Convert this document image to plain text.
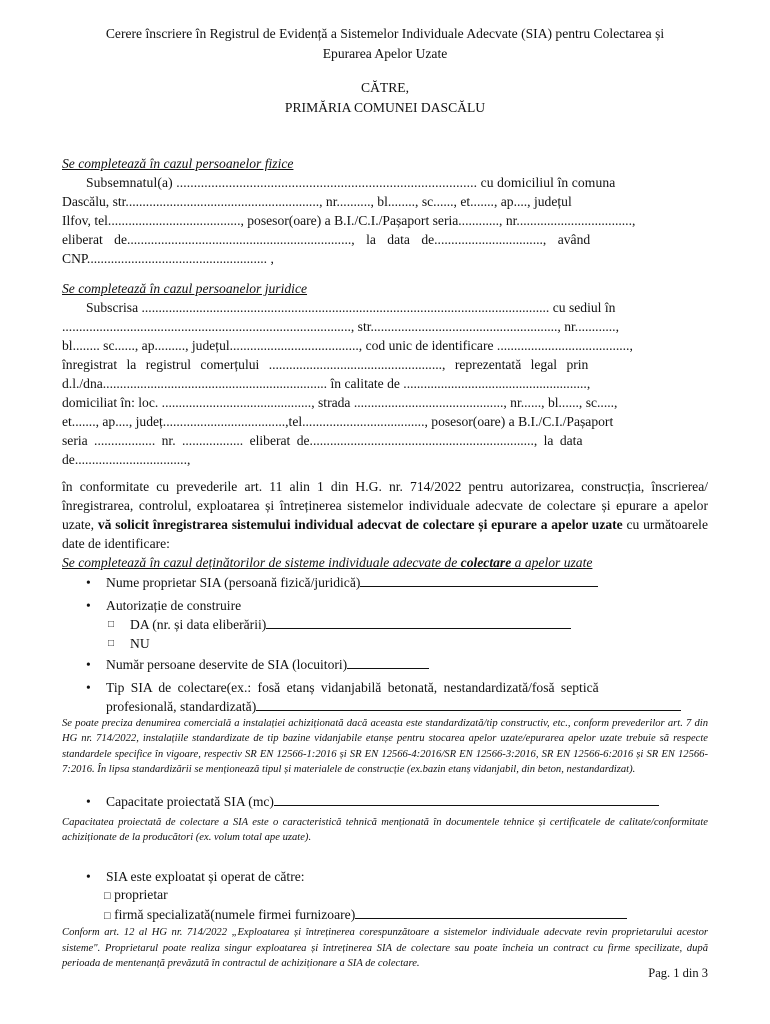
Cerere înscriere în Registrul de Evidență a Sistemelor Individuale Adecvate (SIA) pentru Colectarea și

Epurarea Apelor Uzate

CĂTRE,

PRIMĂRIA COMUNEI DASCĂLU

Se completează în cazul persoanelor fizice

Subsemnatul(a) ...................................................................................... cu domiciliul în comuna

Dascălu, str........................................................., nr.........., bl........, sc......, et......., ap...., județul

Ilfov, tel......................................., posesor(oare) a B.I./C.I./Pașaport seria............, nr..................................,

eliberat de.................................................................., la data de................................, având

CNP..................................................... ,

Se completează în cazul persoanelor juridice

Subscrisa ........................................................................................................................ cu sediul în

....................................................................................., str......................................................., nr............,

bl........ sc......, ap........., județul......................................, cod unic de identificare .......................................,

înregistrat la registrul comerțului ..................................................., reprezentată legal prin

d.l./dna.................................................................. în calitate de ......................................................,

domiciliat în: loc. ............................................, strada ............................................, nr......, bl......, sc.....,

et......., ap...., județ....................................,tel...................................., posesor(oare) a B.I./C.I./Pașaport

seria .................. nr. .................. eliberat de.................................................................., la data

de.................................,

în conformitate cu prevederile art. 11 alin 1 din H.G. nr. 714/2022 pentru autorizarea, construcția, înscrierea/înregistrarea, controlul, exploatarea și întreținerea sistemelor individuale adecvate de colectare și epurare a apelor uzate, vă solicit înregistrarea sistemului individual adecvat de colectare și epurare a apelor uzate cu următoarele date de identificare:

Se completează în cazul deținătorilor de sisteme individuale adecvate de colectare a apelor uzate

• Nume proprietar SIA (persoană fizică/juridică)
• Autorizație de construire
□ DA (nr. și data eliberării)
□ NU
• Număr persoane deservite de SIA (locuitori)
• Tip SIA de colectare(ex.: fosă etanș vidanjabilă betonată, nestandardizată/fosă septică
profesională, standardizată)

Se poate preciza denumirea comercială a instalației achiziționată dacă aceasta este standardizată/tip constructiv, etc., conform prevederilor art. 7 din HG nr. 714/2022, instalațiile standardizate de tip bazine vidanjabile etanșe pentru stocarea apelor uzate/epurarea apelor uzate trebuie să respecte standardele specifice în vigoare, respectiv SR EN 12566-1:2016 și SR EN 12566-4:2016/SR EN 12566-3:2016, SR EN 12566-6:2016 și SR EN 12566-7:2016. În lipsa standardizării se menționează tipul și materialele de construcție (ex.bazin etanș vidanjabil, din beton, nestandardizat).

• Capacitate proiectată SIA (mc)

Capacitatea proiectată de colectare a SIA este o caracteristică tehnică menționată în documentele tehnice și certificatele de calitate/conformitate achiziționate de la producători (ex. volum total ape uzate).

• SIA este exploatat și operat de către:
□ proprietar
□ firmă specializată(numele firmei furnizoare)

Conform art. 12 al HG nr. 714/2022 „Exploatarea și întreținerea corespunzătoare a sistemelor individuale adecvate revin proprietarului acestor sisteme". Proprietarul poate realiza singur exploatarea și întreținerea SIA de colectare sau poate încheia un contract cu firme specilizate, după perioada de mentenanță prevăzută în contractul de achiziționare a SIA de colectare.

Pag. 1 din 3
